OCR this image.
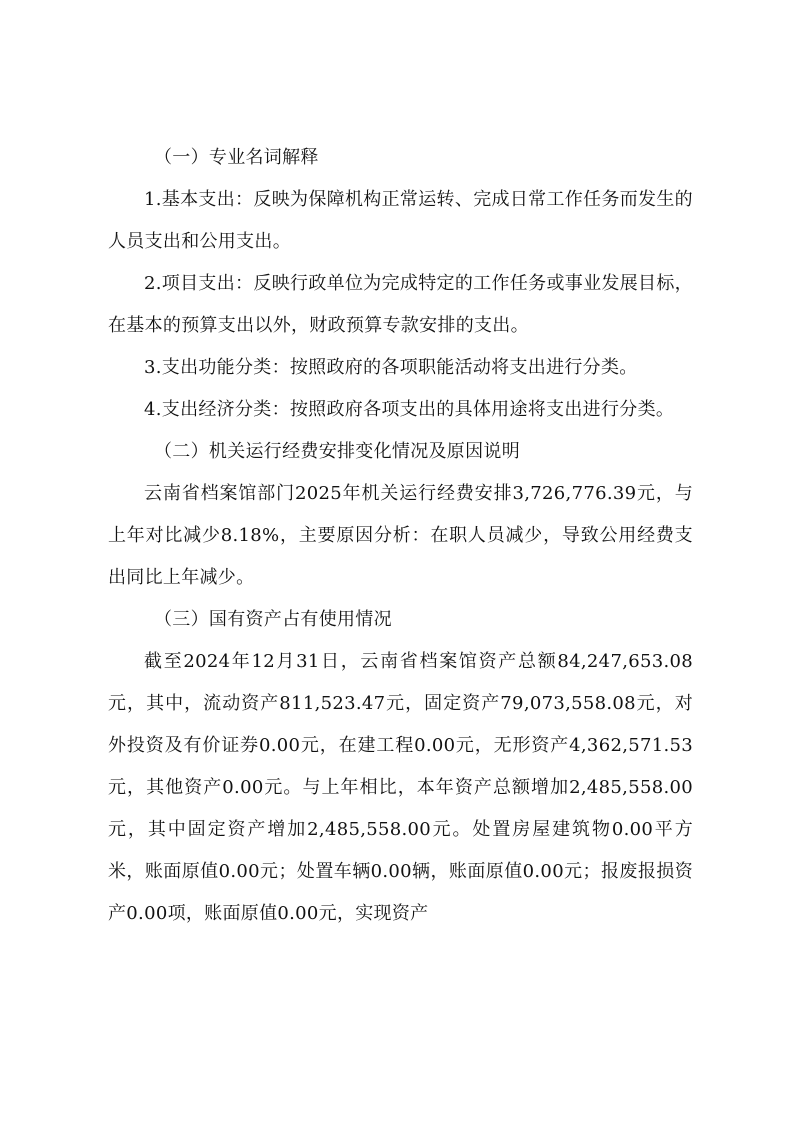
（一）专业名词解释

1.基本支出：反映为保障机构正常运转、完成日常工作任务而发生的人员支出和公用支出。

2.项目支出：反映行政单位为完成特定的工作任务或事业发展目标，在基本的预算支出以外，财政预算专款安排的支出。

3.支出功能分类：按照政府的各项职能活动将支出进行分类。

4.支出经济分类：按照政府各项支出的具体用途将支出进行分类。

（二）机关运行经费安排变化情况及原因说明

云南省档案馆部门2025年机关运行经费安排3,726,776.39元，与上年对比减少8.18%，主要原因分析：在职人员减少，导致公用经费支出同比上年减少。

（三）国有资产占有使用情况

截至2024年12月31日，云南省档案馆资产总额84,247,653.08元，其中，流动资产811,523.47元，固定资产79,073,558.08元，对外投资及有价证券0.00元，在建工程0.00元，无形资产4,362,571.53元，其他资产0.00元。与上年相比，本年资产总额增加2,485,558.00元，其中固定资产增加2,485,558.00元。处置房屋建筑物0.00平方米，账面原值0.00元；处置车辆0.00辆，账面原值0.00元；报废报损资产0.00项，账面原值0.00元，实现资产
